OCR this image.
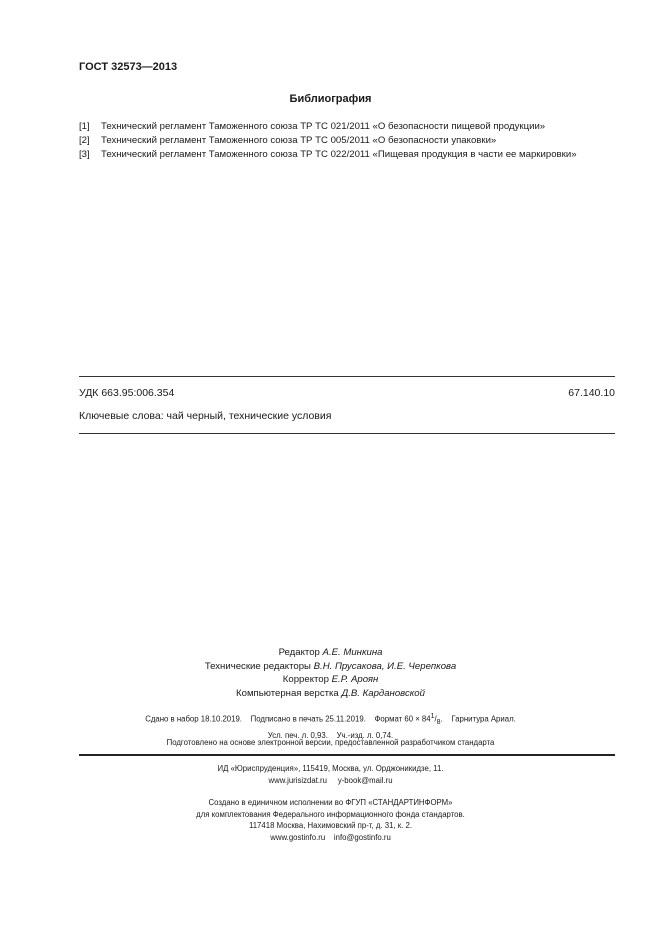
ГОСТ 32573—2013
Библиография
[1] Технический регламент Таможенного союза ТР ТС 021/2011 «О безопасности пищевой продукции»
[2] Технический регламент Таможенного союза ТР ТС 005/2011 «О безопасности упаковки»
[3] Технический регламент Таможенного союза ТР ТС 022/2011 «Пищевая продукция в части ее маркировки»
УДК 663.95:006.354	67.140.10
Ключевые слова: чай черный, технические условия
Редактор А.Е. Минкина
Технические редакторы В.Н. Прусакова, И.Е. Черепкова
Корректор Е.Р. Ароян
Компьютерная верстка Д.В. Кардановской
Сдано в набор 18.10.2019. Подписано в печать 25.11.2019. Формат $60 \times 84^1/_8$.    Гарнитура Ариал.
Усл. печ. л. 0,93. Уч.-изд. л. 0,74.
Подготовлено на основе электронной версии, предоставленной разработчиком стандарта
ИД «Юриспруденция», 115419, Москва, ул. Орджоникидзе, 11.
www.jurisizdat.ru y-book@mail.ru
Создано в единичном исполнении во ФГУП «СТАНДАРТИНФОРМ»
для комплектования Федерального информационного фонда стандартов.
117418 Москва, Нахимовский пр-т, д. 31, к. 2.
www.gostinfo.ru info@gostinfo.ru
